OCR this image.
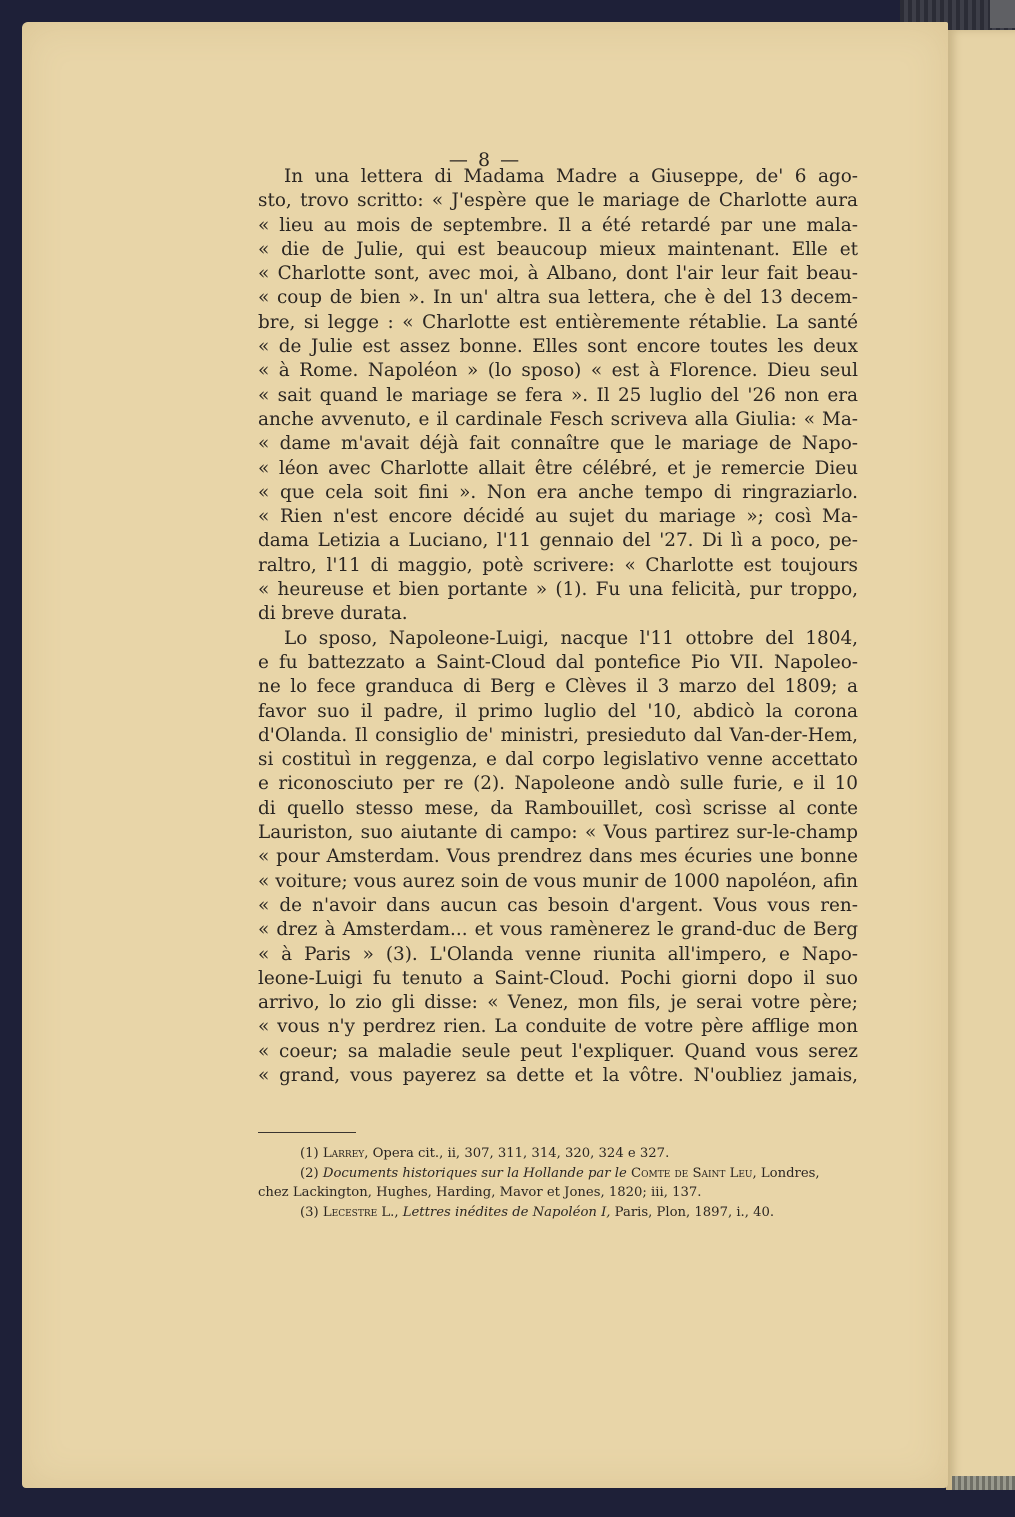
— 8 —
In una lettera di Madama Madre a Giuseppe, de' 6 ago-
sto, trovo scritto: « J'espère que le mariage de Charlotte aura
« lieu au mois de septembre. Il a été retardé par une mala-
« die de Julie, qui est beaucoup mieux maintenant. Elle et
« Charlotte sont, avec moi, à Albano, dont l'air leur fait beau-
« coup de bien ». In un' altra sua lettera, che è del 13 decem-
bre, si legge : « Charlotte est entièremente rétablie. La santé
« de Julie est assez bonne. Elles sont encore toutes les deux
« à Rome. Napoléon » (lo sposo) « est à Florence. Dieu seul
« sait quand le mariage se fera ». Il 25 luglio del '26 non era
anche avvenuto, e il cardinale Fesch scriveva alla Giulia: « Ma-
« dame m'avait déjà fait connaître que le mariage de Napo-
« léon avec Charlotte allait être célébré, et je remercie Dieu
« que cela soit fini ». Non era anche tempo di ringraziarlo.
« Rien n'est encore décidé au sujet du mariage »; così Ma-
dama Letizia a Luciano, l'11 gennaio del '27. Di lì a poco, pe-
raltro, l'11 di maggio, potè scrivere: « Charlotte est toujours
« heureuse et bien portante » (1). Fu una felicità, pur troppo,
di breve durata.
Lo sposo, Napoleone-Luigi, nacque l'11 ottobre del 1804,
e fu battezzato a Saint-Cloud dal pontefice Pio VII. Napoleo-
ne lo fece granduca di Berg e Clèves il 3 marzo del 1809; a
favor suo il padre, il primo luglio del '10, abdicò la corona
d'Olanda. Il consiglio de' ministri, presieduto dal Van-der-Hem,
si costituì in reggenza, e dal corpo legislativo venne accettato
e riconosciuto per re (2). Napoleone andò sulle furie, e il 10
di quello stesso mese, da Rambouillet, così scrisse al conte
Lauriston, suo aiutante di campo: « Vous partirez sur-le-champ
« pour Amsterdam. Vous prendrez dans mes écuries une bonne
« voiture; vous aurez soin de vous munir de 1000 napoléon, afin
« de n'avoir dans aucun cas besoin d'argent. Vous vous ren-
« drez à Amsterdam... et vous ramènerez le grand-duc de Berg
« à Paris » (3). L'Olanda venne riunita all'impero, e Napo-
leone-Luigi fu tenuto a Saint-Cloud. Pochi giorni dopo il suo
arrivo, lo zio gli disse: « Venez, mon fils, je serai votre père;
« vous n'y perdrez rien. La conduite de votre père afflige mon
« coeur; sa maladie seule peut l'expliquer. Quand vous serez
« grand, vous payerez sa dette et la vôtre. N'oubliez jamais,
(1) Larrey, Opera cit., ii, 307, 311, 314, 320, 324 e 327.
(2) Documents historiques sur la Hollande par le Comte de Saint Leu, Londres,
chez Lackington, Hughes, Harding, Mavor et Jones, 1820; iii, 137.
(3) Lecestre L., Lettres inédites de Napoléon I, Paris, Plon, 1897, i., 40.
